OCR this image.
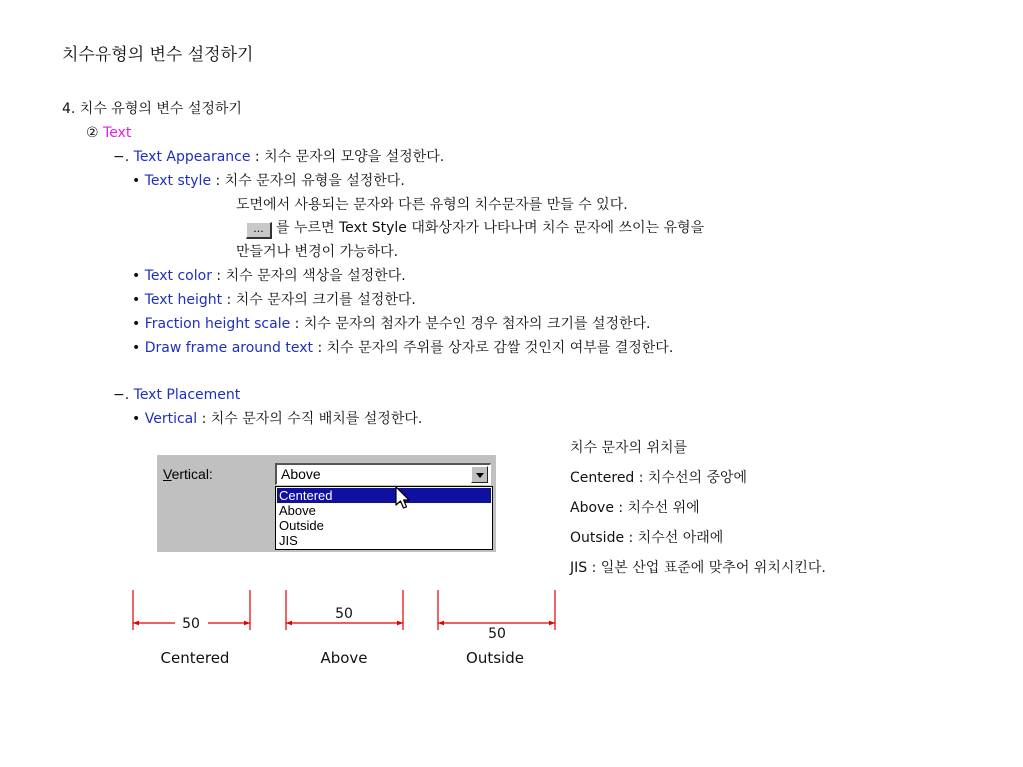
치수유형의 변수 설정하기
4. 치수 유형의 변수 설정하기
② Text
−. Text Appearance : 치수 문자의 모양을 설정한다.
• Text style : 치수 문자의 유형을 설정한다.
도면에서 사용되는 문자와 다른 유형의 치수문자를 만들 수 있다.
... 를 누르면 Text Style 대화상자가 나타나며 치수 문자에 쓰이는 유형을
만들거나 변경이 가능하다.
• Text color : 치수 문자의 색상을 설정한다.
• Text height : 치수 문자의 크기를 설정한다.
• Fraction height scale : 치수 문자의 첨자가 분수인 경우 첨자의 크기를 설정한다.
• Draw frame around text : 치수 문자의 주위를 상자로 감쌀 것인지 여부를 결정한다.
−. Text Placement
• Vertical : 치수 문자의 수직 배치를 설정한다.
Vertical:	Above
Centered
Above
Outside
JIS
치수 문자의 위치를
Centered : 치수선의 중앙에
Above : 치수선 위에
Outside : 치수선 아래에
JIS : 일본 산업 표준에 맞추어 위치시킨다.
50
50
50
Centered	Above	Outside
